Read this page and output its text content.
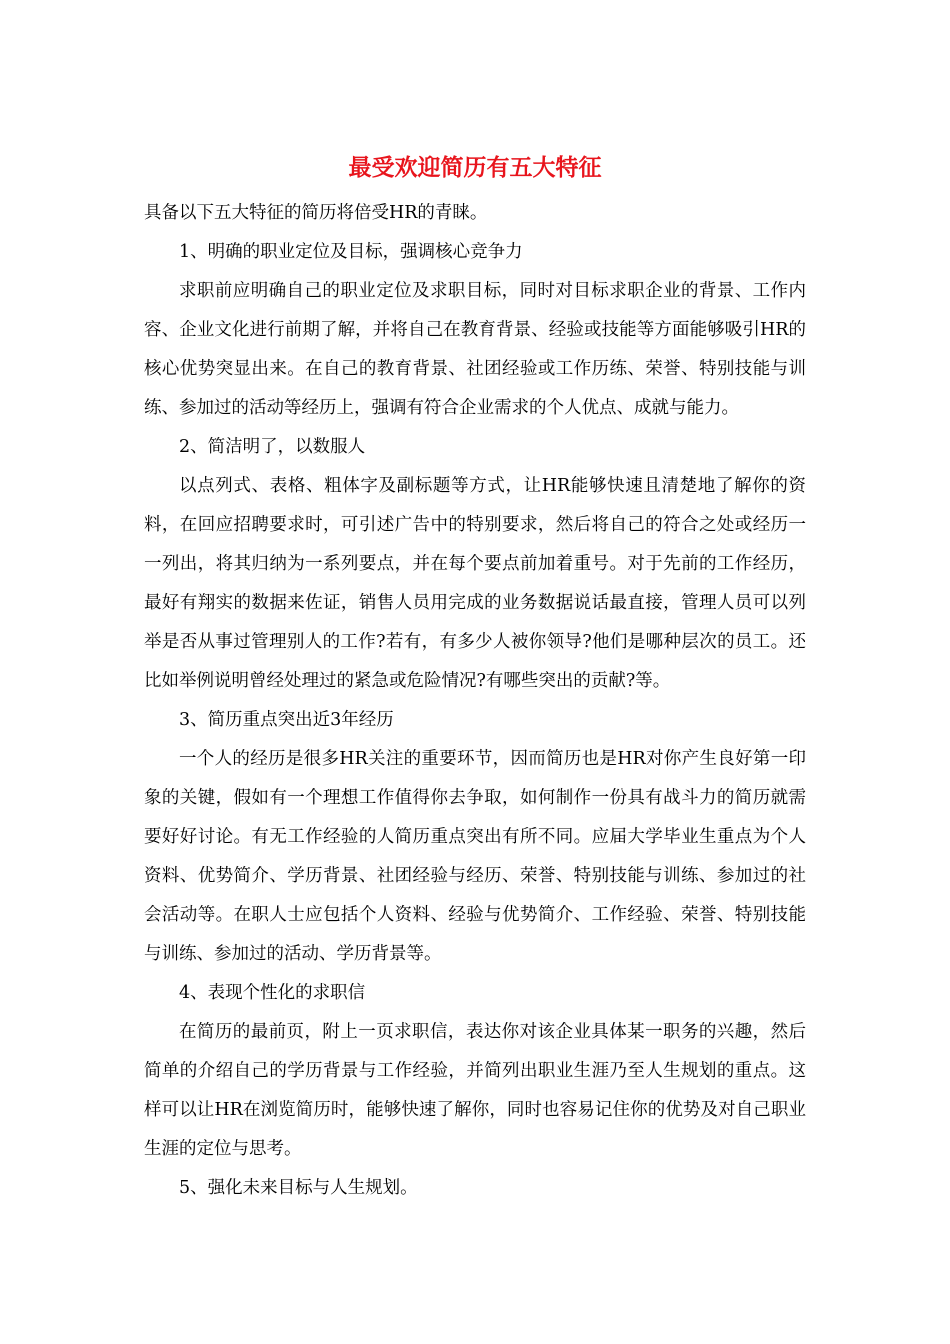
最受欢迎简历有五大特征

具备以下五大特征的简历将倍受HR的青睐。

1、明确的职业定位及目标，强调核心竞争力

求职前应明确自己的职业定位及求职目标，同时对目标求职企业的背景、工作内容、企业文化进行前期了解，并将自己在教育背景、经验或技能等方面能够吸引HR的核心优势突显出来。在自己的教育背景、社团经验或工作历练、荣誉、特别技能与训练、参加过的活动等经历上，强调有符合企业需求的个人优点、成就与能力。

2、简洁明了，以数服人

以点列式、表格、粗体字及副标题等方式，让HR能够快速且清楚地了解你的资料，在回应招聘要求时，可引述广告中的特别要求，然后将自己的符合之处或经历一一列出，将其归纳为一系列要点，并在每个要点前加着重号。对于先前的工作经历，最好有翔实的数据来佐证，销售人员用完成的业务数据说话最直接，管理人员可以列举是否从事过管理别人的工作?若有，有多少人被你领导?他们是哪种层次的员工。还比如举例说明曾经处理过的紧急或危险情况?有哪些突出的贡献?等。

3、简历重点突出近3年经历

一个人的经历是很多HR关注的重要环节，因而简历也是HR对你产生良好第一印象的关键，假如有一个理想工作值得你去争取，如何制作一份具有战斗力的简历就需要好好讨论。有无工作经验的人简历重点突出有所不同。应届大学毕业生重点为个人资料、优势简介、学历背景、社团经验与经历、荣誉、特别技能与训练、参加过的社会活动等。在职人士应包括个人资料、经验与优势简介、工作经验、荣誉、特别技能与训练、参加过的活动、学历背景等。

4、表现个性化的求职信

在简历的最前页，附上一页求职信，表达你对该企业具体某一职务的兴趣，然后简单的介绍自己的学历背景与工作经验，并简列出职业生涯乃至人生规划的重点。这样可以让HR在浏览简历时，能够快速了解你，同时也容易记住你的优势及对自己职业生涯的定位与思考。

5、强化未来目标与人生规划。
